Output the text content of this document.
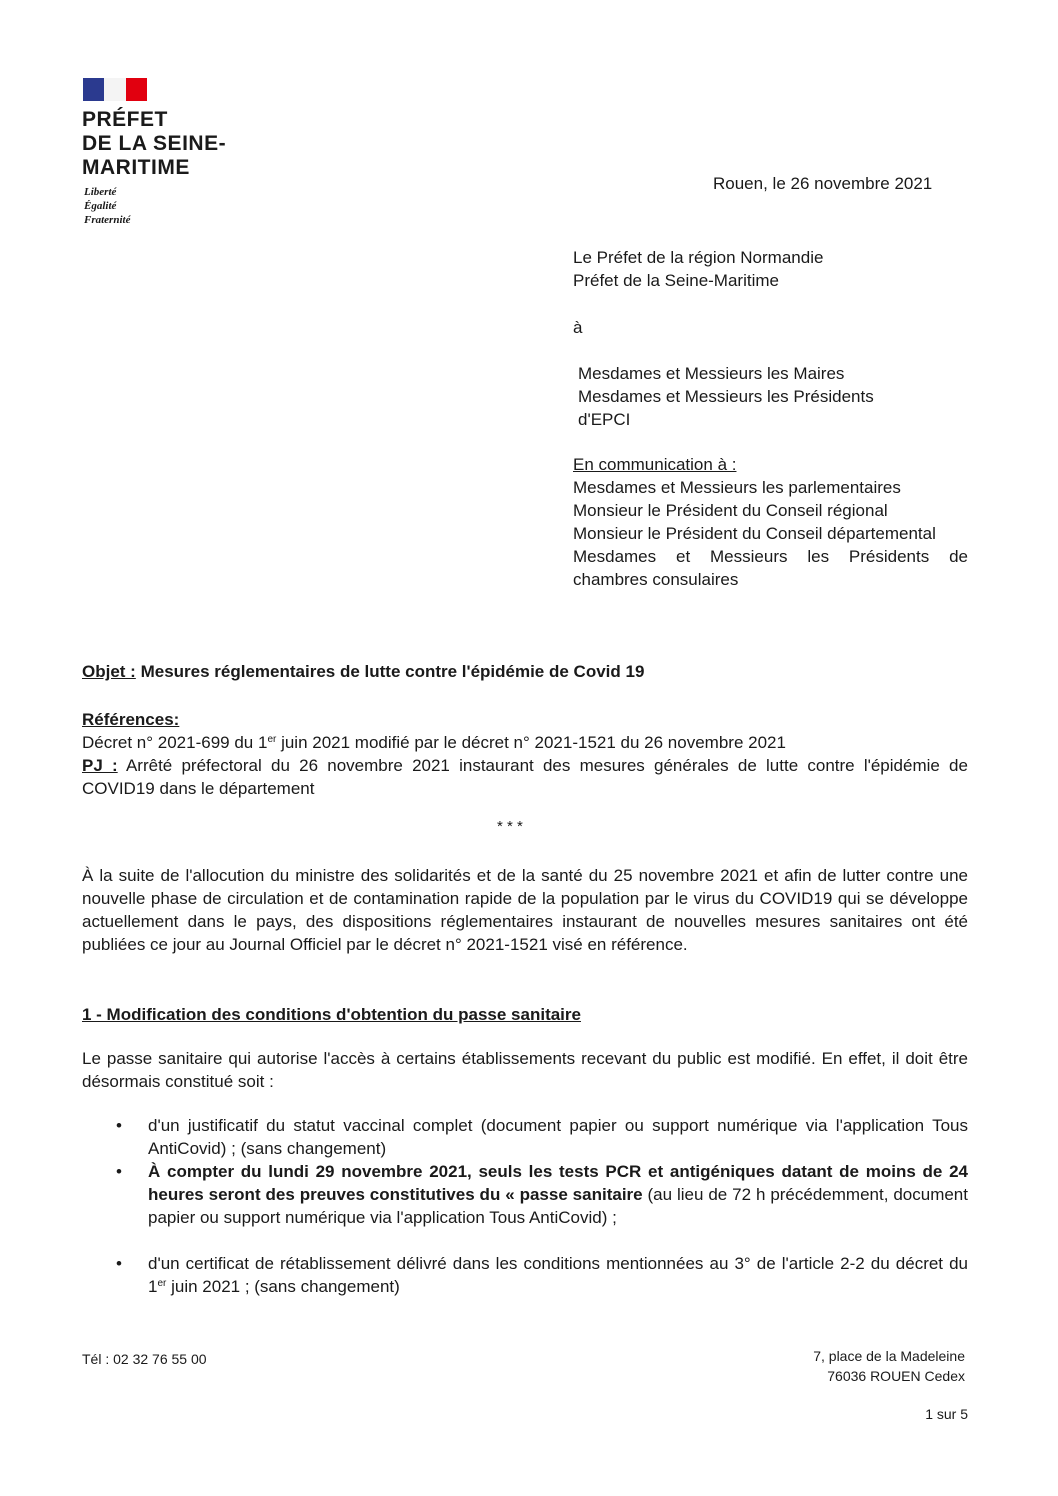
PRÉFET
DE LA SEINE-
MARITIME
Liberté
Égalité
Fraternité
Rouen, le 26 novembre 2021
Le Préfet de la région Normandie
Préfet de la Seine-Maritime
à
Mesdames et Messieurs les Maires
Mesdames et Messieurs les Présidents d'EPCI
En communication à :
Mesdames et Messieurs les parlementaires
Monsieur le Président du Conseil régional
Monsieur le Président du Conseil départemental
Mesdames et Messieurs les Présidents de chambres consulaires
Objet : Mesures réglementaires de lutte contre l'épidémie de Covid 19
Références:
Décret n° 2021-699 du 1er juin 2021 modifié par le décret n° 2021-1521 du 26 novembre 2021
PJ : Arrêté préfectoral du 26 novembre 2021 instaurant des mesures générales de lutte contre l'épidémie de COVID19 dans le département
* * *
À la suite de l'allocution du ministre des solidarités et de la santé du 25 novembre 2021 et afin de lutter contre une nouvelle phase de circulation et de contamination rapide de la population par le virus du COVID19 qui se développe actuellement dans le pays, des dispositions réglementaires instaurant de nouvelles mesures sanitaires ont été publiées ce jour au Journal Officiel par le décret n° 2021-1521 visé en référence.
1 - Modification des conditions d'obtention du passe sanitaire
Le passe sanitaire qui autorise l'accès à certains établissements recevant du public est modifié. En effet, il doit être désormais constitué soit :
• d'un justificatif du statut vaccinal complet (document papier ou support numérique via l'application Tous AntiCovid) ; (sans changement)
• À compter du lundi 29 novembre 2021, seuls les tests PCR et antigéniques datant de moins de 24 heures seront des preuves constitutives du « passe sanitaire (au lieu de 72 h précédemment, document papier ou support numérique via l'application Tous AntiCovid) ;
• d'un certificat de rétablissement délivré dans les conditions mentionnées au 3° de l'article 2-2 du décret du 1er juin 2021 ; (sans changement)
Tél : 02 32 76 55 00	7, place de la Madeleine
76036 ROUEN Cedex
1 sur 5
